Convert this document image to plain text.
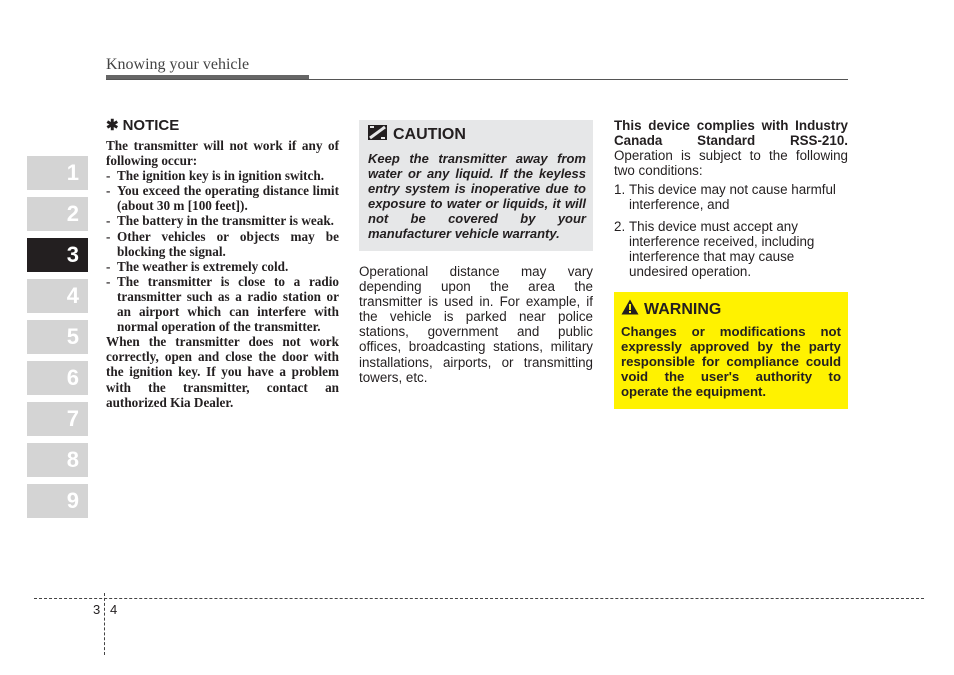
Knowing your vehicle
1
2
3
4
5
6
7
8
9
✱ NOTICE
The transmitter will not work if any of following occur:
- The ignition key is in ignition switch.
- You exceed the operating distance limit (about 30 m [100 feet]).
- The battery in the transmitter is weak.
- Other vehicles or objects may be blocking the signal.
- The weather is extremely cold.
- The transmitter is close to a radio transmitter such as a radio station or an airport which can interfere with normal operation of the transmitter.
When the transmitter does not work correctly, open and close the door with the ignition key. If you have a problem with the transmitter, contact an authorized Kia Dealer.
CAUTION
Keep the transmitter away from water or any liquid. If the keyless entry system is inoperative due to exposure to water or liquids, it will not be covered by your manufacturer vehicle warranty.
Operational distance may vary depending upon the area the transmitter is used in. For example, if the vehicle is parked near police stations, government and public offices, broadcasting stations, military installations, airports, or transmitting towers, etc.
This device complies with Industry Canada Standard RSS-210. Operation is subject to the following two conditions:
1. This device may not cause harmful interference, and
2. This device must accept any interference received, including interference that may cause undesired operation.
WARNING
Changes or modifications not expressly approved by the party responsible for compliance could void the user's authority to operate the equipment.
3 4
